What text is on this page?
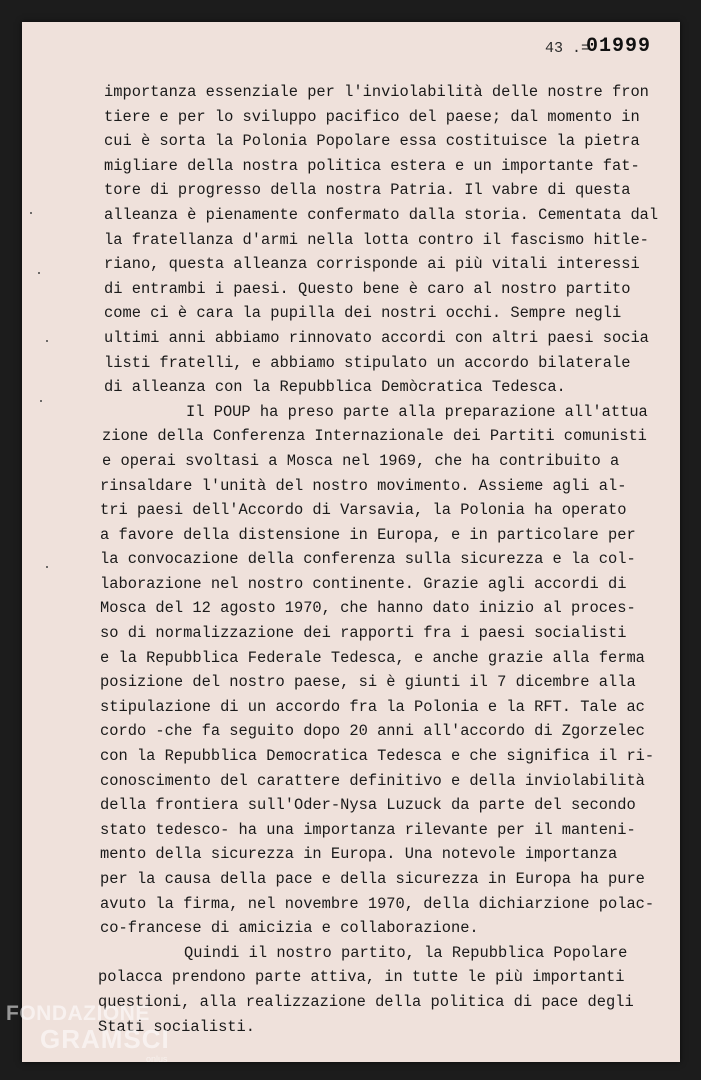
43 .=
01999
importanza essenziale per l'inviolabilità delle nostre fron
tiere e per lo sviluppo pacifico del paese; dal momento in
cui è sorta la Polonia Popolare essa costituisce la pietra
migliare della nostra politica estera e un importante fat-
tore di progresso della nostra Patria. Il vabre di questa
alleanza è pienamente confermato dalla storia. Cementata dal
la fratellanza d'armi nella lotta contro il fascismo hitle-
riano, questa alleanza corrisponde ai più vitali interessi
di entrambi i paesi. Questo bene è caro al nostro partito
come ci è cara la pupilla dei nostri occhi. Sempre negli
ultimi anni abbiamo rinnovato accordi con altri paesi socia
listi fratelli, e abbiamo stipulato un accordo bilaterale
di alleanza con la Repubblica Demòcratica Tedesca.
Il POUP ha preso parte alla preparazione all'attua
zione della Conferenza Internazionale dei Partiti comunisti
e operai svoltasi a Mosca nel 1969, che ha contribuito a
rinsaldare l'unità del nostro movimento. Assieme agli al-
tri paesi dell'Accordo di Varsavia, la Polonia ha operato
a favore della distensione in Europa, e in particolare per
la convocazione della conferenza sulla sicurezza e la col-
laborazione nel nostro continente. Grazie agli accordi di
Mosca del 12 agosto 1970, che hanno dato inizio al proces-
so di normalizzazione dei rapporti fra i paesi socialisti
e la Repubblica Federale Tedesca, e anche grazie alla ferma
posizione del nostro paese, si è giunti il 7 dicembre alla
stipulazione di un accordo fra la Polonia e la RFT. Tale ac
cordo -che fa seguito dopo 20 anni all'accordo di Zgorzelec
con la Repubblica Democratica Tedesca e che significa il ri-
conoscimento del carattere definitivo e della inviolabilità
della frontiera sull'Oder-Nysa Luzuck da parte del secondo
stato tedesco- ha una importanza rilevante per il manteni-
mento della sicurezza in Europa. Una notevole importanza
per la causa della pace e della sicurezza in Europa ha pure
avuto la firma, nel novembre 1970, della dichiarzione polac-
co-francese di amicizia e collaborazione.
Quindi il nostro partito, la Repubblica Popolare
polacca prendono parte attiva, in tutte le più importanti
questioni, alla realizzazione della politica di pace degli
Stati socialisti.
FONDAZIONE
GRAMSCI
onlus
